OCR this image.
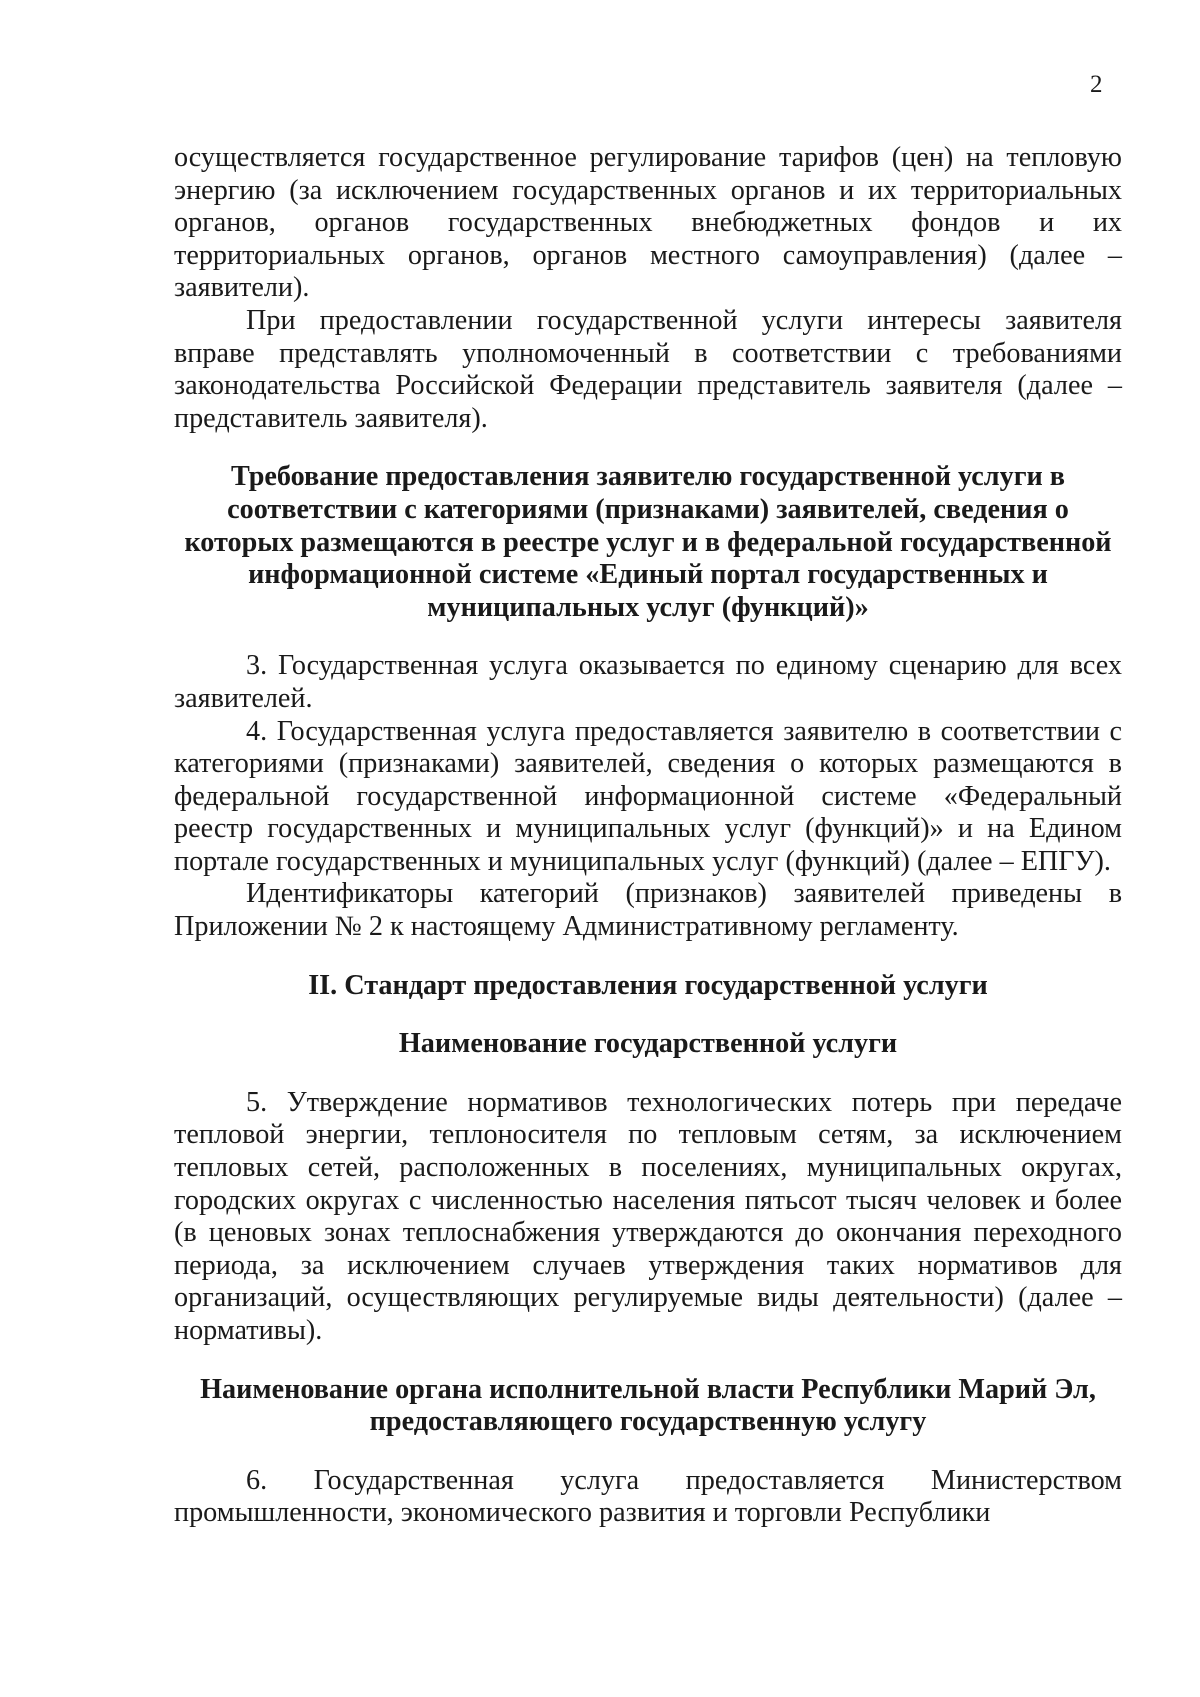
2

осуществляется государственное регулирование тарифов (цен) на тепловую энергию (за исключением государственных органов и их территориальных органов, органов государственных внебюджетных фондов и их территориальных органов, органов местного самоуправления) (далее – заявители).

При предоставлении государственной услуги интересы заявителя вправе представлять уполномоченный в соответствии с требованиями законодательства Российской Федерации представитель заявителя (далее – представитель заявителя).

Требование предоставления заявителю государственной услуги в соответствии с категориями (признаками) заявителей, сведения о которых размещаются в реестре услуг и в федеральной государственной информационной системе «Единый портал государственных и муниципальных услуг (функций)»

3. Государственная услуга оказывается по единому сценарию для всех заявителей.

4. Государственная услуга предоставляется заявителю в соответствии с категориями (признаками) заявителей, сведения о которых размещаются в федеральной государственной информационной системе «Федеральный реестр государственных и муниципальных услуг (функций)» и на Едином портале государственных и муниципальных услуг (функций) (далее – ЕПГУ).

Идентификаторы категорий (признаков) заявителей приведены в Приложении № 2 к настоящему Административному регламенту.

II. Стандарт предоставления государственной услуги

Наименование государственной услуги

5. Утверждение нормативов технологических потерь при передаче тепловой энергии, теплоносителя по тепловым сетям, за исключением тепловых сетей, расположенных в поселениях, муниципальных округах, городских округах с численностью населения пятьсот тысяч человек и более (в ценовых зонах теплоснабжения утверждаются до окончания переходного периода, за исключением случаев утверждения таких нормативов для организаций, осуществляющих регулируемые виды деятельности) (далее – нормативы).

Наименование органа исполнительной власти Республики Марий Эл, предоставляющего государственную услугу

6. Государственная услуга предоставляется Министерством промышленности, экономического развития и торговли Республики
